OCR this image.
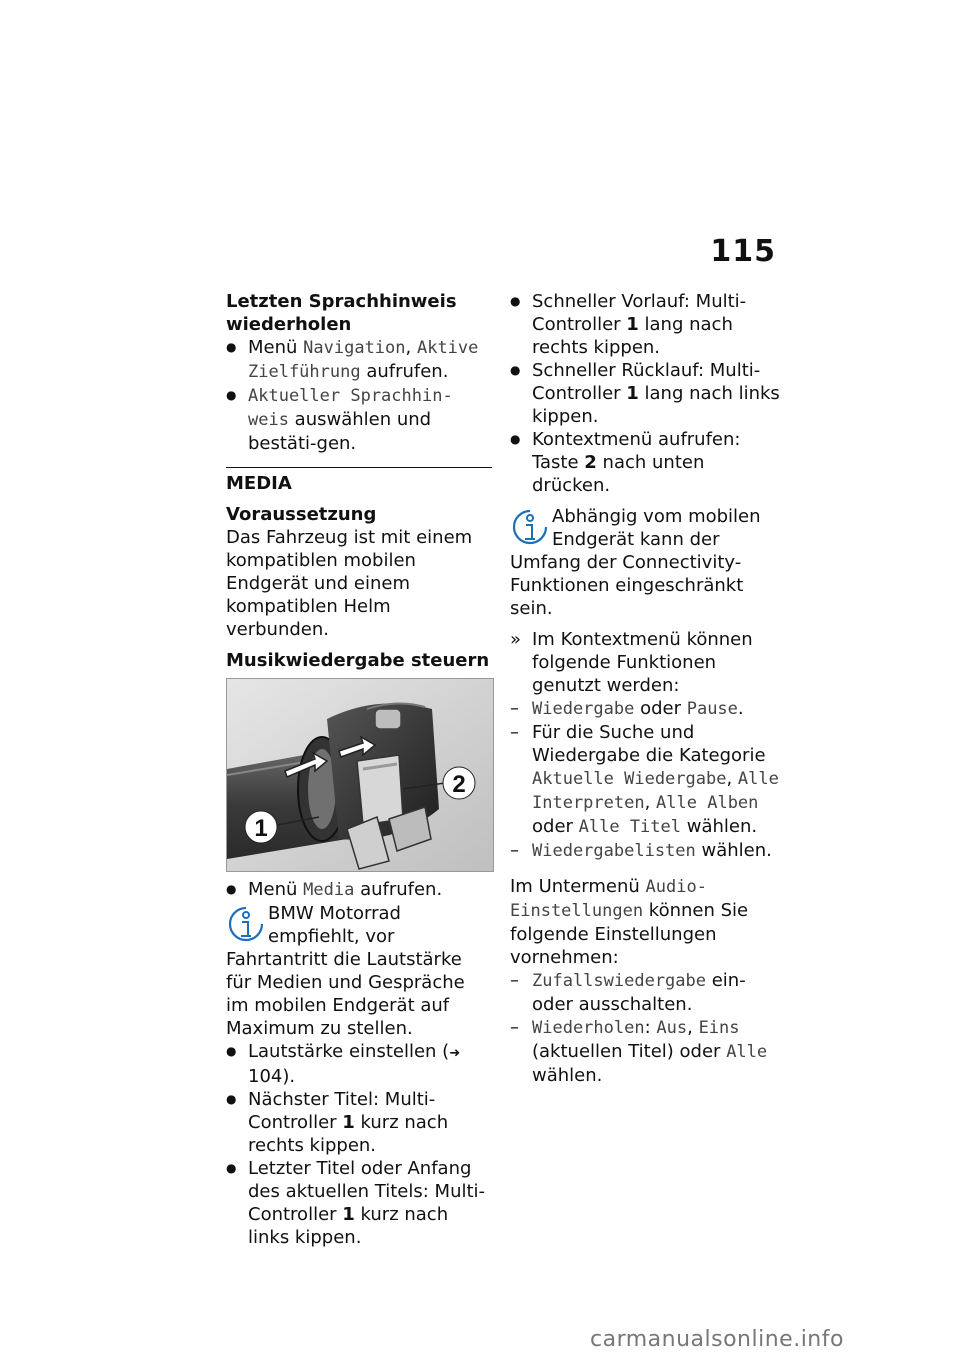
115
Letzten Sprachhinweis wiederholen
● Menü Navigation, Aktive Zielführung aufrufen.
● Aktueller Sprachhin-weis auswählen und bestäti-gen.
MEDIA
Voraussetzung

Das Fahrzeug ist mit einem kompatiblen mobilen Endgerät und einem kompatiblen Helm verbunden.

Musikwiedergabe steuern
1
2
● Menü Media aufrufen.

BMW Motorrad empfiehlt, vor Fahrtantritt die Lautstärke für Medien und Gespräche im mobilen Endgerät auf Maximum zu stellen.

● Lautstärke einstellen (➜ 104).
● Nächster Titel: Multi-Controller 1 kurz nach rechts kippen.
● Letzter Titel oder Anfang des aktuellen Titels: Multi-Controller 1 kurz nach links kippen.
● Schneller Vorlauf: Multi-Controller 1 lang nach rechts kippen.
● Schneller Rücklauf: Multi-Controller 1 lang nach links kippen.
● Kontextmenü aufrufen: Taste 2 nach unten drücken.

Abhängig vom mobilen Endgerät kann der Umfang der Connectivity-Funktionen eingeschränkt sein.

» Im Kontextmenü können folgende Funktionen genutzt werden:
– Wiedergabe oder Pause.
– Für die Suche und Wiedergabe die Kategorie Aktuelle Wiedergabe, Alle Interpreten, Alle Alben oder Alle Titel wählen.
– Wiedergabelisten wählen.

Im Untermenü Audio-Einstellungen können Sie folgende Einstellungen vornehmen:

– Zufallswiedergabe ein- oder ausschalten.
– Wiederholen: Aus, Eins (aktuellen Titel) oder Alle wählen.
carmanualsonline.info
